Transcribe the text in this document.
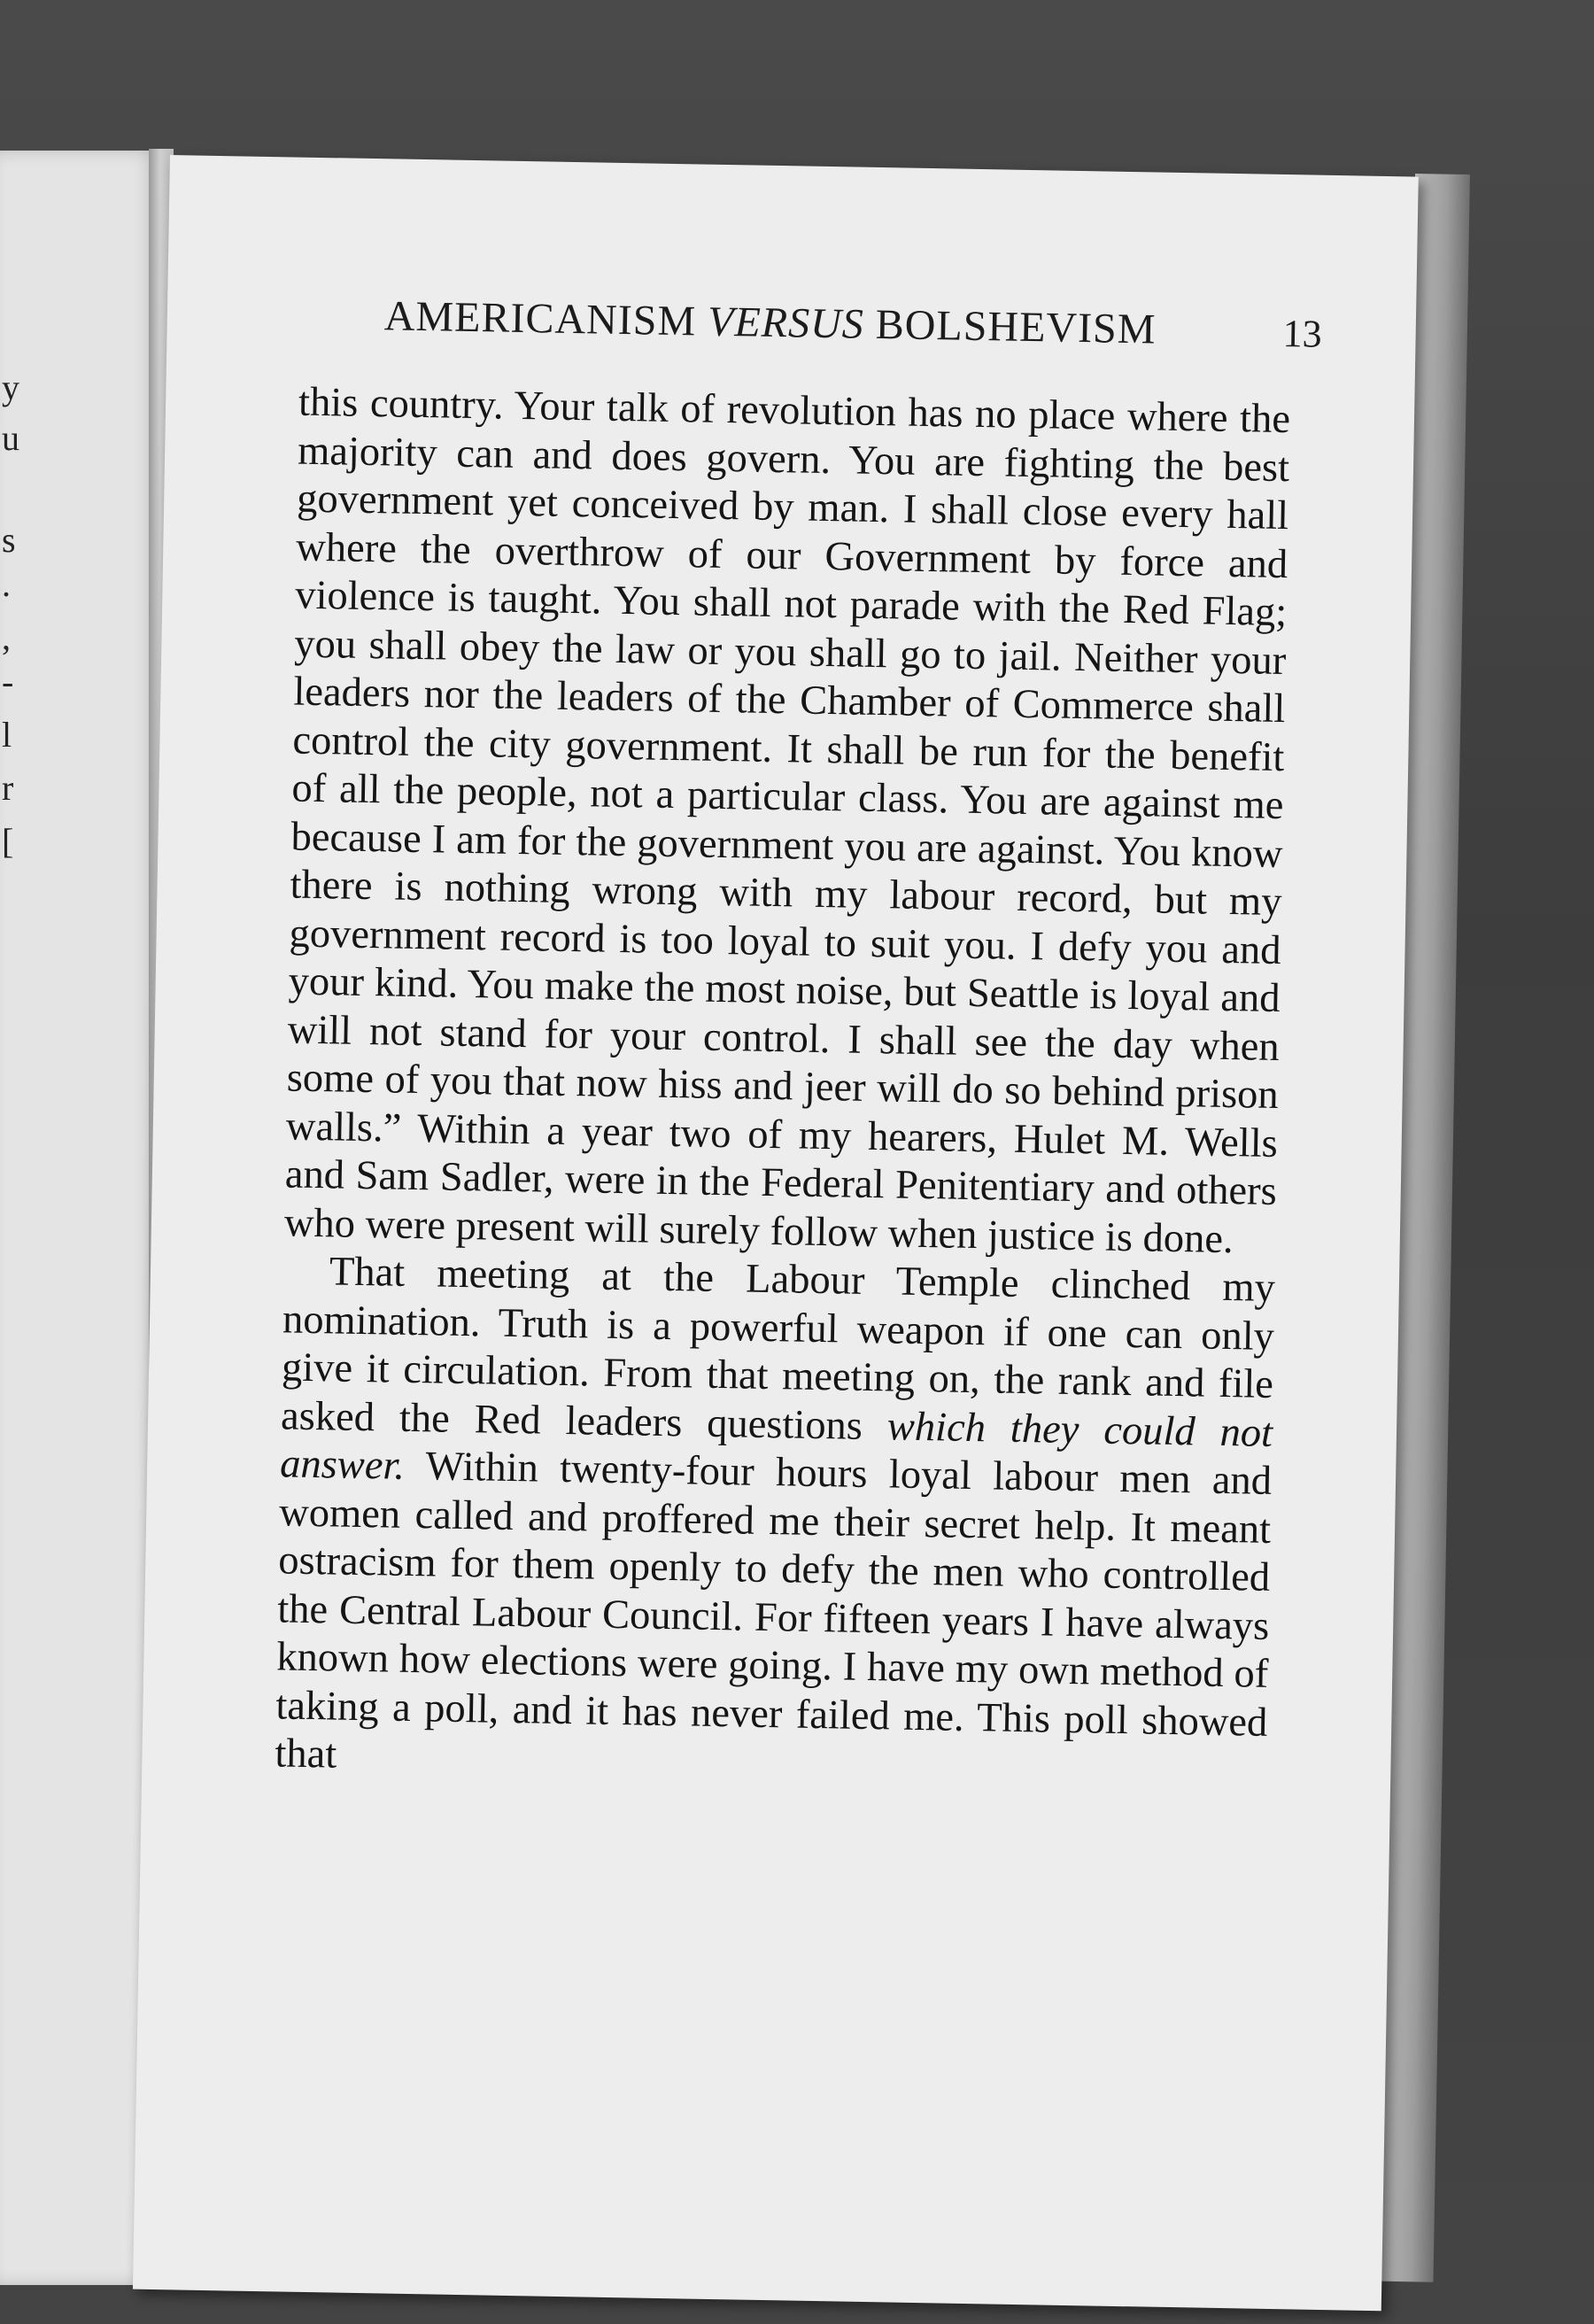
y
u
s
.
,
-
l
r
[
AMERICANISM VERSUS BOLSHEVISM	13

this country. Your talk of revolution has no place where the majority can and does govern. You are fighting the best government yet conceived by man. I shall close every hall where the overthrow of our Government by force and violence is taught. You shall not parade with the Red Flag; you shall obey the law or you shall go to jail. Neither your leaders nor the leaders of the Chamber of Commerce shall control the city government. It shall be run for the benefit of all the people, not a particular class. You are against me because I am for the government you are against. You know there is nothing wrong with my labour record, but my government record is too loyal to suit you. I defy you and your kind. You make the most noise, but Seattle is loyal and will not stand for your control. I shall see the day when some of you that now hiss and jeer will do so behind prison walls.” Within a year two of my hearers, Hulet M. Wells and Sam Sadler, were in the Federal Penitentiary and others who were present will surely follow when justice is done.

That meeting at the Labour Temple clinched my nomination. Truth is a powerful weapon if one can only give it circulation. From that meeting on, the rank and file asked the Red leaders questions which they could not answer. Within twenty-four hours loyal labour men and women called and proffered me their secret help. It meant ostracism for them openly to defy the men who controlled the Central Labour Council. For fifteen years I have always known how elections were going. I have my own method of taking a poll, and it has never failed me. This poll showed that
